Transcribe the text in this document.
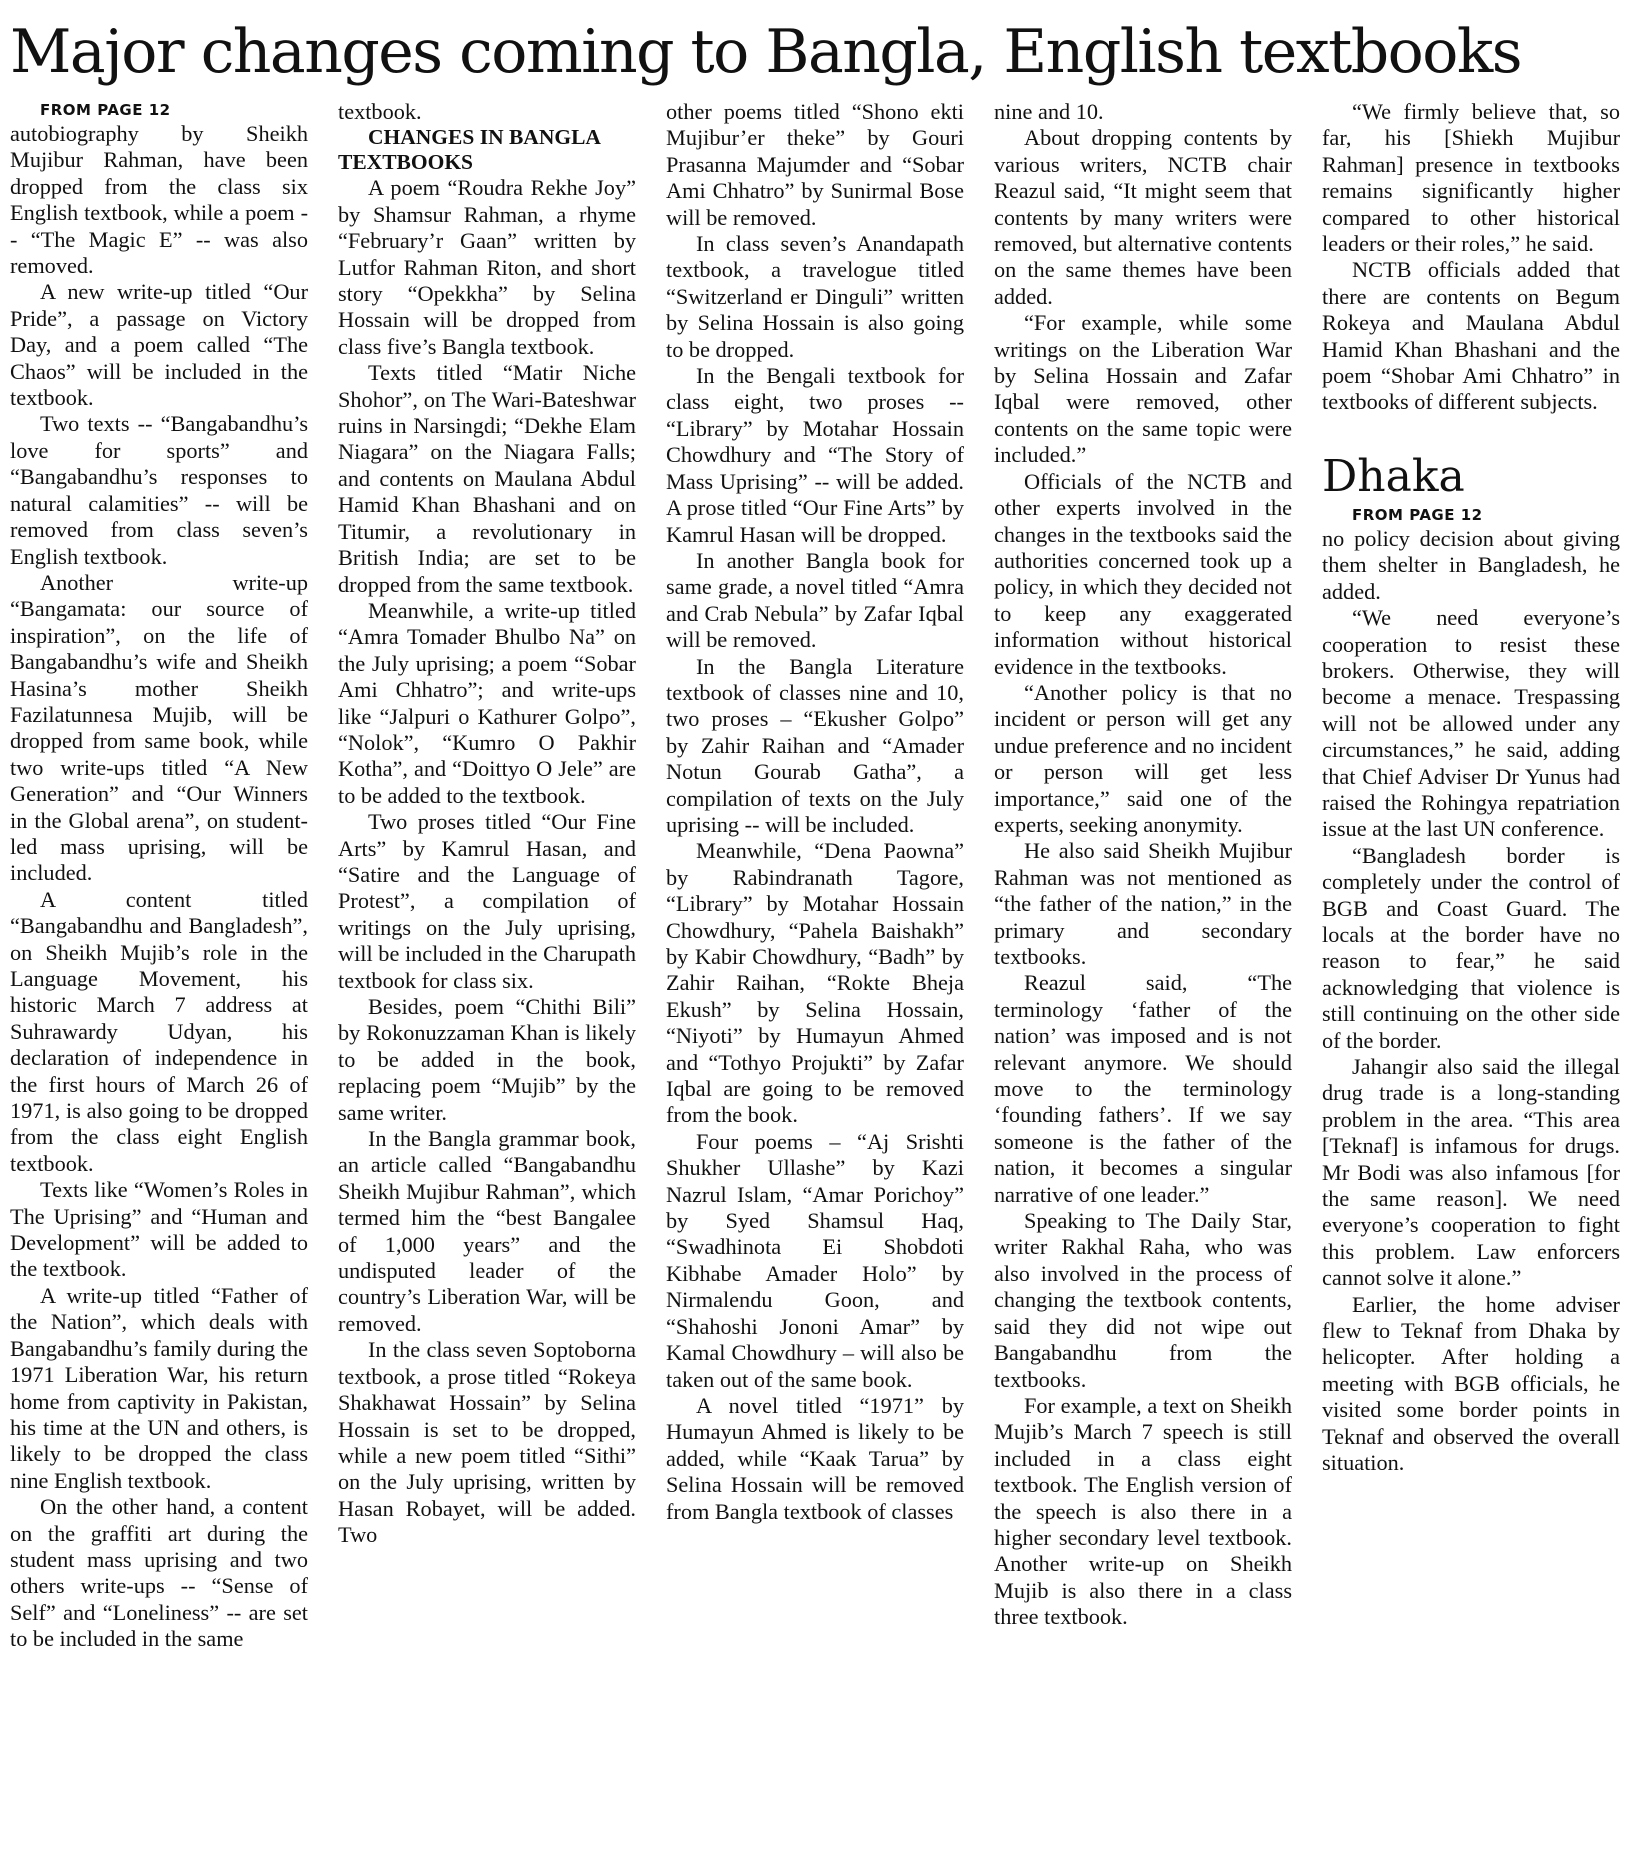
Major changes coming to Bangla, English textbooks

FROM PAGE 12

autobiography by Sheikh Mujibur Rahman, have been dropped from the class six English textbook, while a poem -- “The Magic E” -- was also removed.

A new write-up titled “Our Pride”, a passage on Victory Day, and a poem called “The Chaos” will be included in the textbook.

Two texts -- “Bangabandhu’s love for sports” and “Bangabandhu’s responses to natural calamities” -- will be removed from class seven’s English textbook.

Another write-up “Bangamata: our source of inspiration”, on the life of Bangabandhu’s wife and Sheikh Hasina’s mother Sheikh Fazilatunnesa Mujib, will be dropped from same book, while two write-ups titled “A New Generation” and “Our Winners in the Global arena”, on student-led mass uprising, will be included.

A content titled “Bangabandhu and Bangladesh”, on Sheikh Mujib’s role in the Language Movement, his historic March 7 address at Suhrawardy Udyan, his declaration of independence in the first hours of March 26 of 1971, is also going to be dropped from the class eight English textbook.

Texts like “Women’s Roles in The Uprising” and “Human and Development” will be added to the textbook.

A write-up titled “Father of the Nation”, which deals with Bangabandhu’s family during the 1971 Liberation War, his return home from captivity in Pakistan, his time at the UN and others, is likely to be dropped the class nine English textbook.

On the other hand, a content on the graffiti art during the student mass uprising and two others write-ups -- “Sense of Self” and “Loneliness” -- are set to be included in the same

textbook.

CHANGES IN BANGLA TEXTBOOKS

A poem “Roudra Rekhe Joy” by Shamsur Rahman, a rhyme “February’r Gaan” written by Lutfor Rahman Riton, and short story “Opekkha” by Selina Hossain will be dropped from class five’s Bangla textbook.

Texts titled “Matir Niche Shohor”, on The Wari-Bateshwar ruins in Narsingdi; “Dekhe Elam Niagara” on the Niagara Falls; and contents on Maulana Abdul Hamid Khan Bhashani and on Titumir, a revolutionary in British India; are set to be dropped from the same textbook.

Meanwhile, a write-up titled “Amra Tomader Bhulbo Na” on the July uprising; a poem “Sobar Ami Chhatro”; and write-ups like “Jalpuri o Kathurer Golpo”, “Nolok”, “Kumro O Pakhir Kotha”, and “Doittyo O Jele” are to be added to the textbook.

Two proses titled “Our Fine Arts” by Kamrul Hasan, and “Satire and the Language of Protest”, a compilation of writings on the July uprising, will be included in the Charupath textbook for class six.

Besides, poem “Chithi Bili” by Rokonuzzaman Khan is likely to be added in the book, replacing poem “Mujib” by the same writer.

In the Bangla grammar book, an article called “Bangabandhu Sheikh Mujibur Rahman”, which termed him the “best Bangalee of 1,000 years” and the undisputed leader of the country’s Liberation War, will be removed.

In the class seven Soptoborna textbook, a prose titled “Rokeya Shakhawat Hossain” by Selina Hossain is set to be dropped, while a new poem titled “Sithi” on the July uprising, written by Hasan Robayet, will be added. Two

other poems titled “Shono ekti Mujibur’er theke” by Gouri Prasanna Majumder and “Sobar Ami Chhatro” by Sunirmal Bose will be removed.

In class seven’s Anandapath textbook, a travelogue titled “Switzerland er Dinguli” written by Selina Hossain is also going to be dropped.

In the Bengali textbook for class eight, two proses -- “Library” by Motahar Hossain Chowdhury and “The Story of Mass Uprising” -- will be added. A prose titled “Our Fine Arts” by Kamrul Hasan will be dropped.

In another Bangla book for same grade, a novel titled “Amra and Crab Nebula” by Zafar Iqbal will be removed.

In the Bangla Literature textbook of classes nine and 10, two proses – “Ekusher Golpo” by Zahir Raihan and “Amader Notun Gourab Gatha”, a compilation of texts on the July uprising -- will be included.

Meanwhile, “Dena Paowna” by Rabindranath Tagore, “Library” by Motahar Hossain Chowdhury, “Pahela Baishakh” by Kabir Chowdhury, “Badh” by Zahir Raihan, “Rokte Bheja Ekush” by Selina Hossain, “Niyoti” by Humayun Ahmed and “Tothyo Projukti” by Zafar Iqbal are going to be removed from the book.

Four poems – “Aj Srishti Shukher Ullashe” by Kazi Nazrul Islam, “Amar Porichoy” by Syed Shamsul Haq, “Swadhinota Ei Shobdoti Kibhabe Amader Holo” by Nirmalendu Goon, and “Shahoshi Jononi Amar” by Kamal Chowdhury – will also be taken out of the same book.

A novel titled “1971” by Humayun Ahmed is likely to be added, while “Kaak Tarua” by Selina Hossain will be removed from Bangla textbook of classes

nine and 10.

About dropping contents by various writers, NCTB chair Reazul said, “It might seem that contents by many writers were removed, but alternative contents on the same themes have been added.

“For example, while some writings on the Liberation War by Selina Hossain and Zafar Iqbal were removed, other contents on the same topic were included.”

Officials of the NCTB and other experts involved in the changes in the textbooks said the authorities concerned took up a policy, in which they decided not to keep any exaggerated information without historical evidence in the textbooks.

“Another policy is that no incident or person will get any undue preference and no incident or person will get less importance,” said one of the experts, seeking anonymity.

He also said Sheikh Mujibur Rahman was not mentioned as “the father of the nation,” in the primary and secondary textbooks.

Reazul said, “The terminology ‘father of the nation’ was imposed and is not relevant anymore. We should move to the terminology ‘founding fathers’. If we say someone is the father of the nation, it becomes a singular narrative of one leader.”

Speaking to The Daily Star, writer Rakhal Raha, who was also involved in the process of changing the textbook contents, said they did not wipe out Bangabandhu from the textbooks.

For example, a text on Sheikh Mujib’s March 7 speech is still included in a class eight textbook. The English version of the speech is also there in a higher secondary level textbook. Another write-up on Sheikh Mujib is also there in a class three textbook.

“We firmly believe that, so far, his [Shiekh Mujibur Rahman] presence in textbooks remains significantly higher compared to other historical leaders or their roles,” he said.

NCTB officials added that there are contents on Begum Rokeya and Maulana Abdul Hamid Khan Bhashani and the poem “Shobar Ami Chhatro” in textbooks of different subjects.

Dhaka

FROM PAGE 12

no policy decision about giving them shelter in Bangladesh, he added.

“We need everyone’s cooperation to resist these brokers. Otherwise, they will become a menace. Trespassing will not be allowed under any circumstances,” he said, adding that Chief Adviser Dr Yunus had raised the Rohingya repatriation issue at the last UN conference.

“Bangladesh border is completely under the control of BGB and Coast Guard. The locals at the border have no reason to fear,” he said acknowledging that violence is still continuing on the other side of the border.

Jahangir also said the illegal drug trade is a long-standing problem in the area. “This area [Teknaf] is infamous for drugs. Mr Bodi was also infamous [for the same reason]. We need everyone’s cooperation to fight this problem. Law enforcers cannot solve it alone.”

Earlier, the home adviser flew to Teknaf from Dhaka by helicopter. After holding a meeting with BGB officials, he visited some border points in Teknaf and observed the overall situation.
